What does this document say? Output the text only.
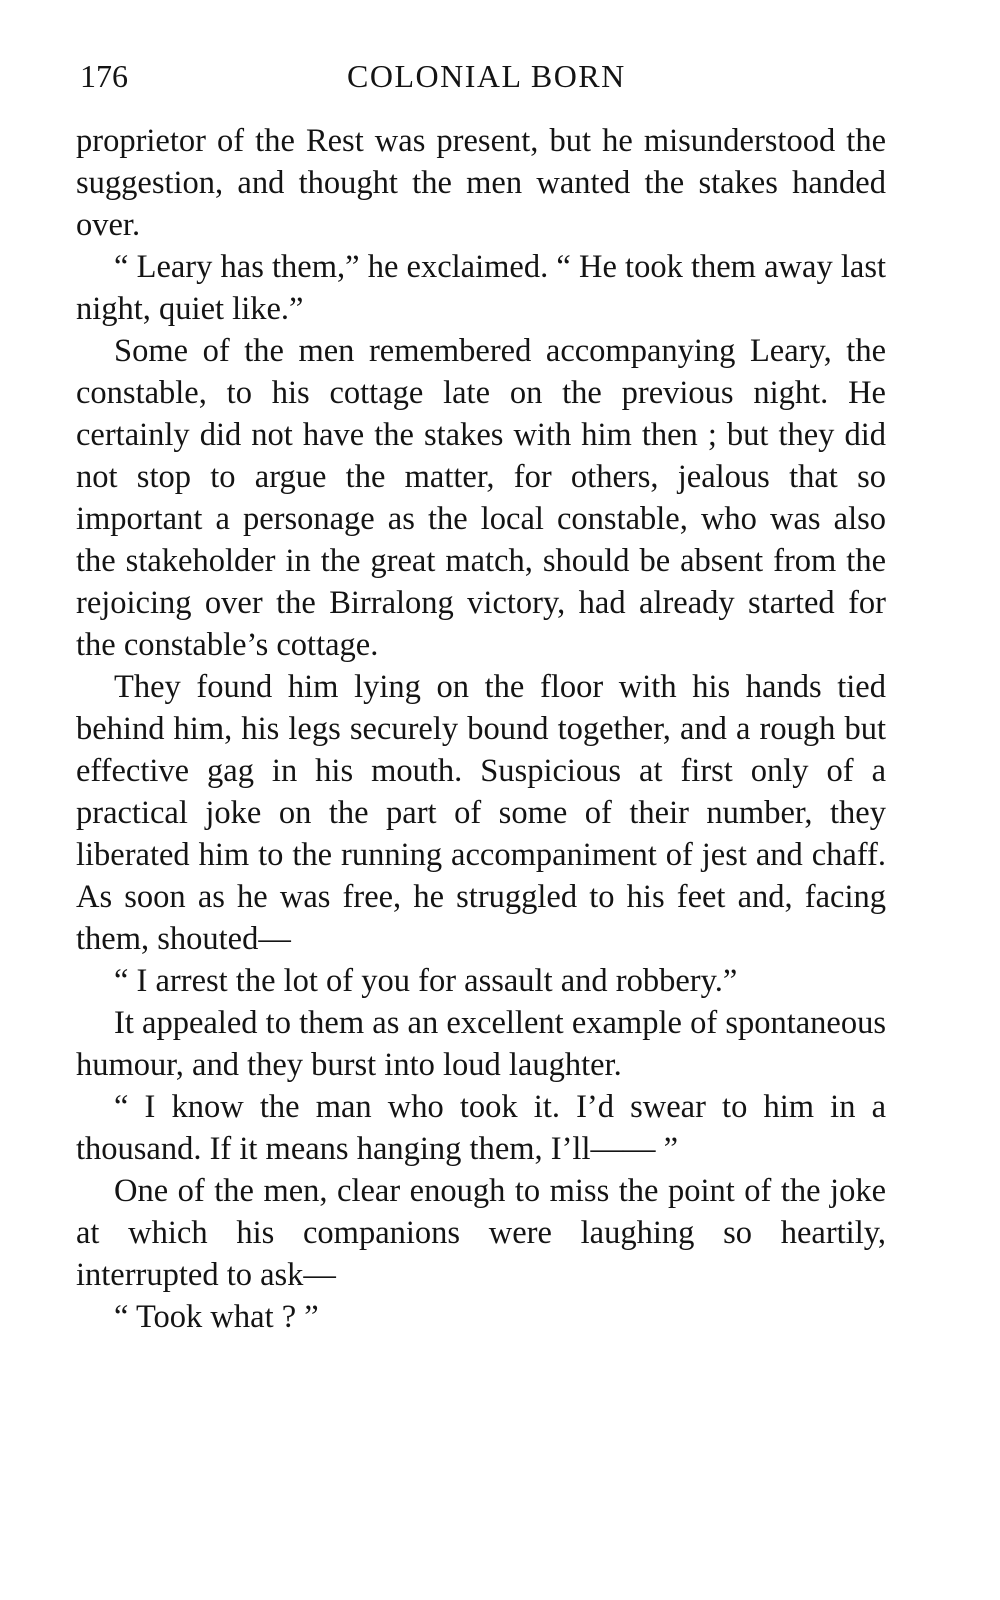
176	COLONIAL BORN

proprietor of the Rest was present, but he misunderstood the suggestion, and thought the men wanted the stakes handed over.

“ Leary has them,” he exclaimed. “ He took them away last night, quiet like.”

Some of the men remembered accompanying Leary, the constable, to his cottage late on the previous night. He certainly did not have the stakes with him then ; but they did not stop to argue the matter, for others, jealous that so important a personage as the local constable, who was also the stakeholder in the great match, should be absent from the rejoicing over the Birralong victory, had already started for the constable’s cottage.

They found him lying on the floor with his hands tied behind him, his legs securely bound together, and a rough but effective gag in his mouth. Suspicious at first only of a practical joke on the part of some of their number, they liberated him to the running accompaniment of jest and chaff. As soon as he was free, he struggled to his feet and, facing them, shouted—

“ I arrest the lot of you for assault and robbery.”

It appealed to them as an excellent example of spontaneous humour, and they burst into loud laughter.

“ I know the man who took it. I’d swear to him in a thousand. If it means hanging them, I’ll—— ”

One of the men, clear enough to miss the point of the joke at which his companions were laughing so heartily, interrupted to ask—

“ Took what ? ”
